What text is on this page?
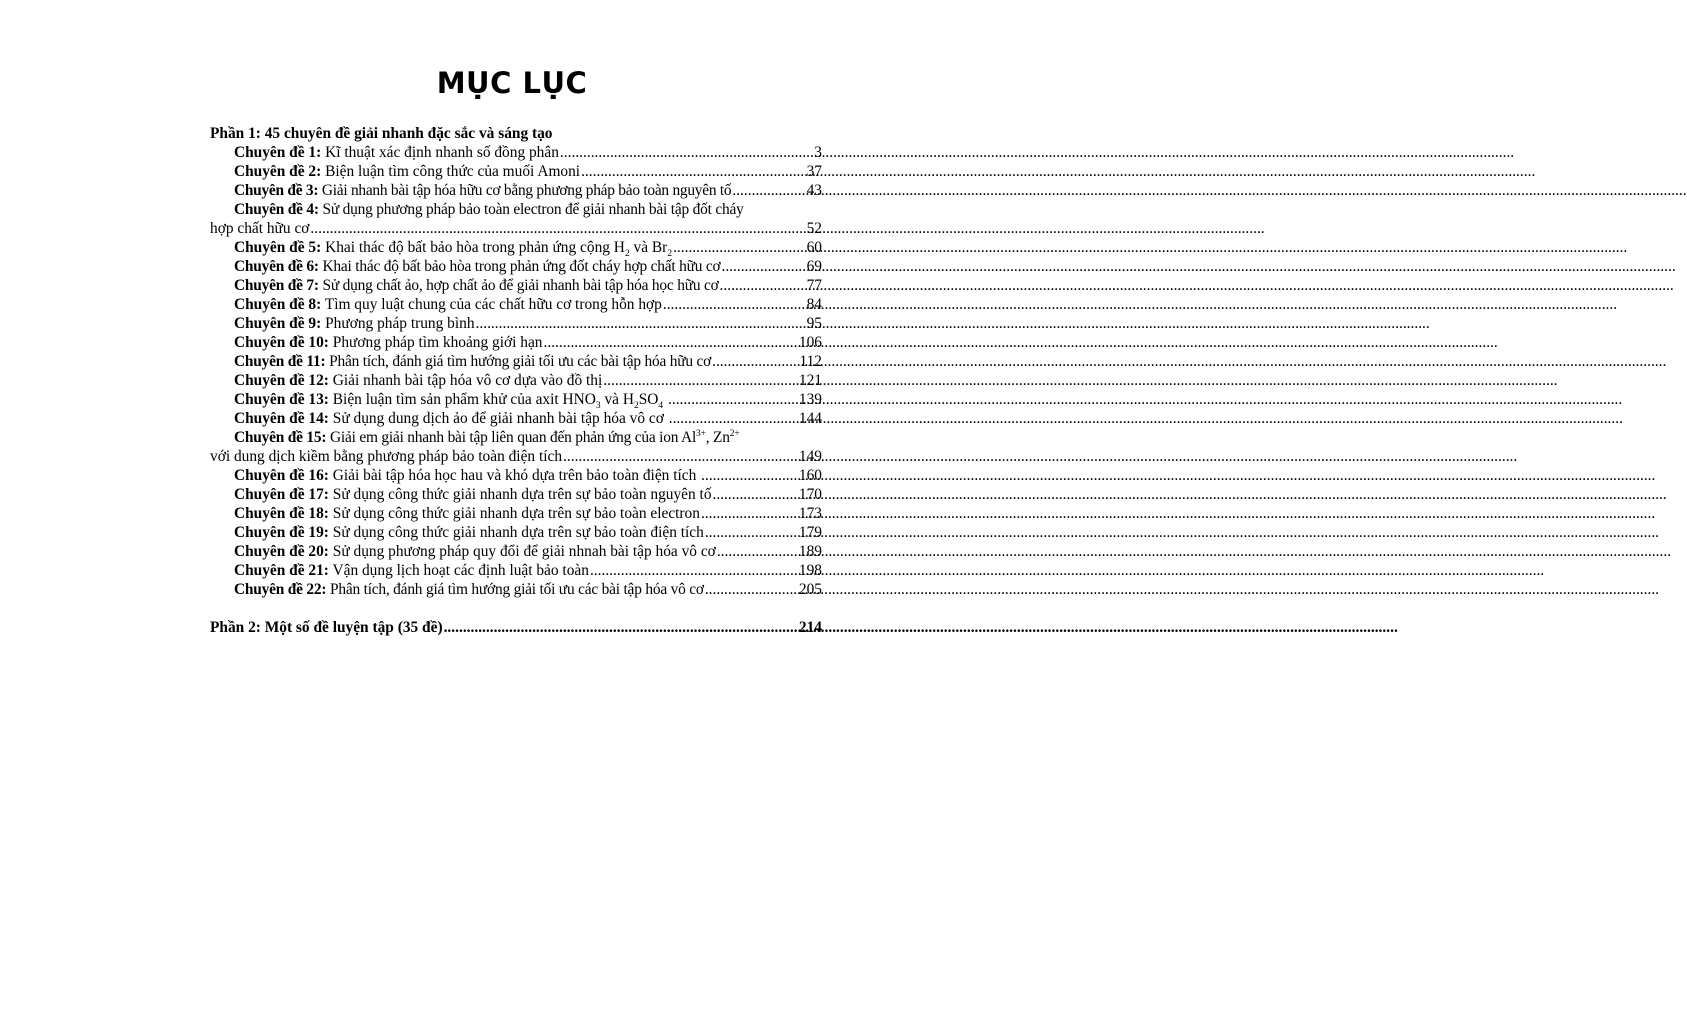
MỤC LỤC
Phần 1: 45 chuyên đề giải nhanh đặc sắc và sáng tạo
Chuyên đề 1: Kĩ thuật xác định nhanh số đồng phân .....	3
Chuyên đề 2: Biện luận tìm công thức của muối Amoni .....	37
Chuyên đề 3: Giải nhanh bài tập hóa hữu cơ bằng phương pháp bảo toàn nguyên tố .....	43
Chuyên đề 4: Sử dụng phương pháp bảo toàn electron để giải nhanh bài tập đốt cháy
hợp chất hữu cơ .....	52
Chuyên đề 5: Khai thác độ bất bảo hòa trong phản ứng cộng $H_2$ và $Br_2$ .....	60
Chuyên đề 6: Khai thác độ bất bảo hòa trong phản ứng đốt cháy hợp chất hữu cơ .....	69
Chuyên đề 7: Sử dụng chất ảo, hợp chất ảo để giải nhanh bài tập hóa học hữu cơ .....	77
Chuyên đề 8: Tìm quy luật chung của các chất hữu cơ trong hỗn hợp .....	84
Chuyên đề 9: Phương pháp trung bình .....	95
Chuyên đề 10: Phương pháp tìm khoảng giới hạn .....	106
Chuyên đề 11: Phân tích, đánh giá tìm hướng giải tối ưu các bài tập hóa hữu cơ .....	112
Chuyên đề 12: Giải nhanh bài tập hóa vô cơ dựa vào đồ thị .....	121
Chuyên đề 13: Biện luận tìm sản phẩm khử của axit $HNO_3$ và $H_2SO_4$ .....	139
Chuyên đề 14: Sử dụng dung dịch ảo để giải nhanh bài tập hóa vô cơ .....	144
Chuyên đề 15: Giải em giải nhanh bài tập liên quan đến phản ứng của ion $Al^{3+}$, $Zn^{2+}$
với dung dịch kiềm bằng phương pháp bảo toàn điện tích .....	149
Chuyên đề 16: Giải bài tập hóa học hau và khó dựa trên bảo toàn điện tích .....	160
Chuyên đề 17: Sử dụng công thức giải nhanh dựa trên sự bảo toàn nguyên tố .....	170
Chuyên đề 18: Sử dụng công thức giải nhanh dựa trên sự bảo toàn electron .....	173
Chuyên đề 19: Sử dụng công thức giải nhanh dựa trên sự bảo toàn điện tích .....	179
Chuyên đề 20: Sử dụng phương pháp quy đổi để giải nhnah bài tập hóa vô cơ .....	189
Chuyên đề 21: Vận dụng lịch hoạt các định luật bảo toàn .....	198
Chuyên đề 22: Phân tích, đánh giá tìm hướng giải tối ưu các bài tập hóa vô cơ .....	205
Phần 2: Một số đề luyện tập (35 đề) .....	214
